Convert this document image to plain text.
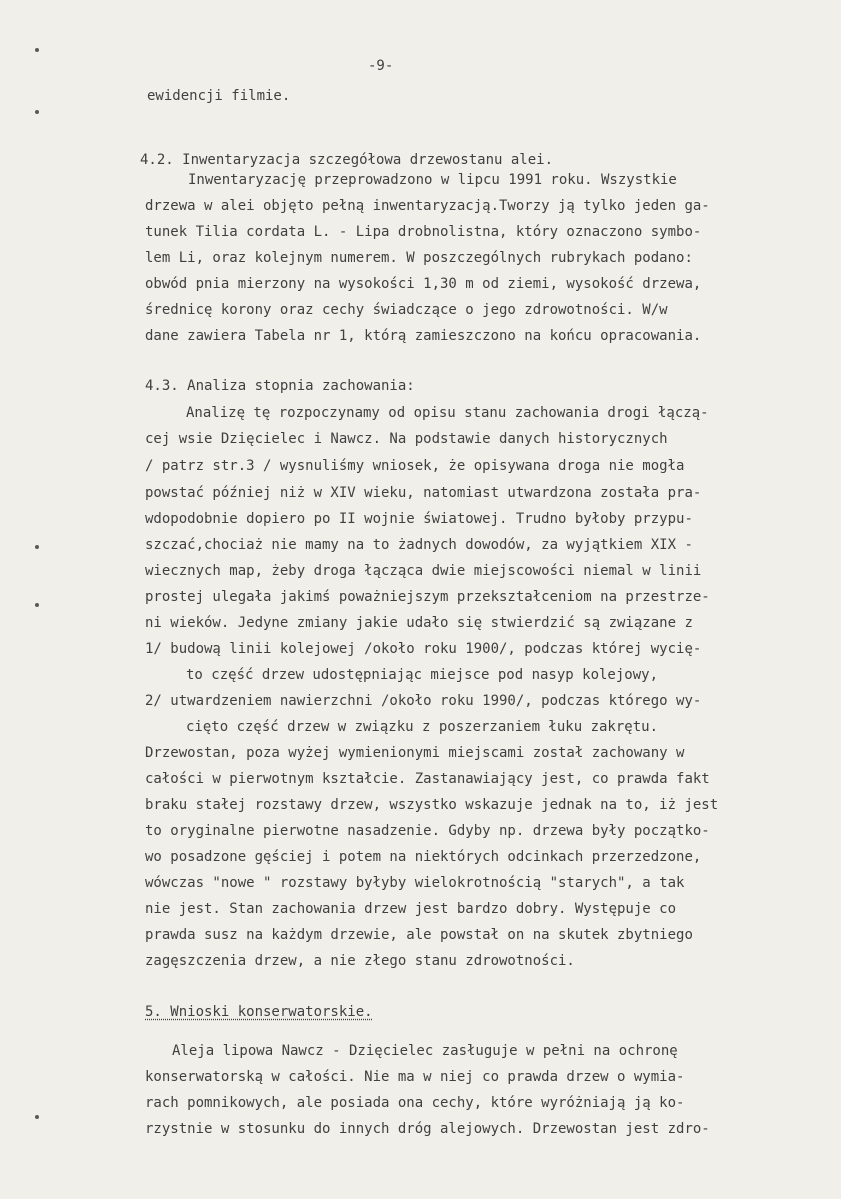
-9-
ewidencji filmie.
4.2. Inwentaryzacja szczegółowa drzewostanu alei.
Inwentaryzację przeprowadzono w lipcu 1991 roku. Wszystkie
drzewa w alei objęto pełną inwentaryzacją.Tworzy ją tylko jeden ga-
tunek Tilia cordata L. - Lipa drobnolistna, który oznaczono symbo-
lem Li, oraz kolejnym numerem. W poszczególnych rubrykach podano:
obwód pnia mierzony na wysokości 1,30 m od ziemi, wysokość drzewa,
średnicę korony oraz cechy świadczące o jego zdrowotności. W/w
dane zawiera Tabela nr 1, którą zamieszczono na końcu opracowania.
4.3. Analiza stopnia zachowania:
Analizę tę rozpoczynamy od opisu stanu zachowania drogi łączą-
cej wsie Dzięcielec i Nawcz. Na podstawie danych historycznych
/ patrz str.3 / wysnuliśmy wniosek, że opisywana droga nie mogła
powstać później niż w XIV wieku, natomiast utwardzona została pra-
wdopodobnie dopiero po II wojnie światowej. Trudno byłoby przypu-
szczać,chociaż nie mamy na to żadnych dowodów, za wyjątkiem XIX -
wiecznych map, żeby droga łącząca dwie miejscowości niemal w linii
prostej ulegała jakimś poważniejszym przekształceniom na przestrze-
ni wieków. Jedyne zmiany jakie udało się stwierdzić są związane z
1/ budową linii kolejowej /około roku 1900/, podczas której wycię-
to część drzew udostępniając miejsce pod nasyp kolejowy,
2/ utwardzeniem nawierzchni /około roku 1990/, podczas którego wy-
cięto część drzew w związku z poszerzaniem łuku zakrętu.
Drzewostan, poza wyżej wymienionymi miejscami został zachowany w
całości w pierwotnym kształcie. Zastanawiający jest, co prawda fakt
braku stałej rozstawy drzew, wszystko wskazuje jednak na to, iż jest
to oryginalne pierwotne nasadzenie. Gdyby np. drzewa były początko-
wo posadzone gęściej i potem na niektórych odcinkach przerzedzone,
wówczas "nowe " rozstawy byłyby wielokrotnością "starych", a tak
nie jest. Stan zachowania drzew jest bardzo dobry. Występuje co
prawda susz na każdym drzewie, ale powstał on na skutek zbytniego
zagęszczenia drzew, a nie złego stanu zdrowotności.
5. Wnioski konserwatorskie.
Aleja lipowa Nawcz - Dzięcielec zasługuje w pełni na ochronę
konserwatorską w całości. Nie ma w niej co prawda drzew o wymia-
rach pomnikowych, ale posiada ona cechy, które wyróżniają ją ko-
rzystnie w stosunku do innych dróg alejowych. Drzewostan jest zdro-
